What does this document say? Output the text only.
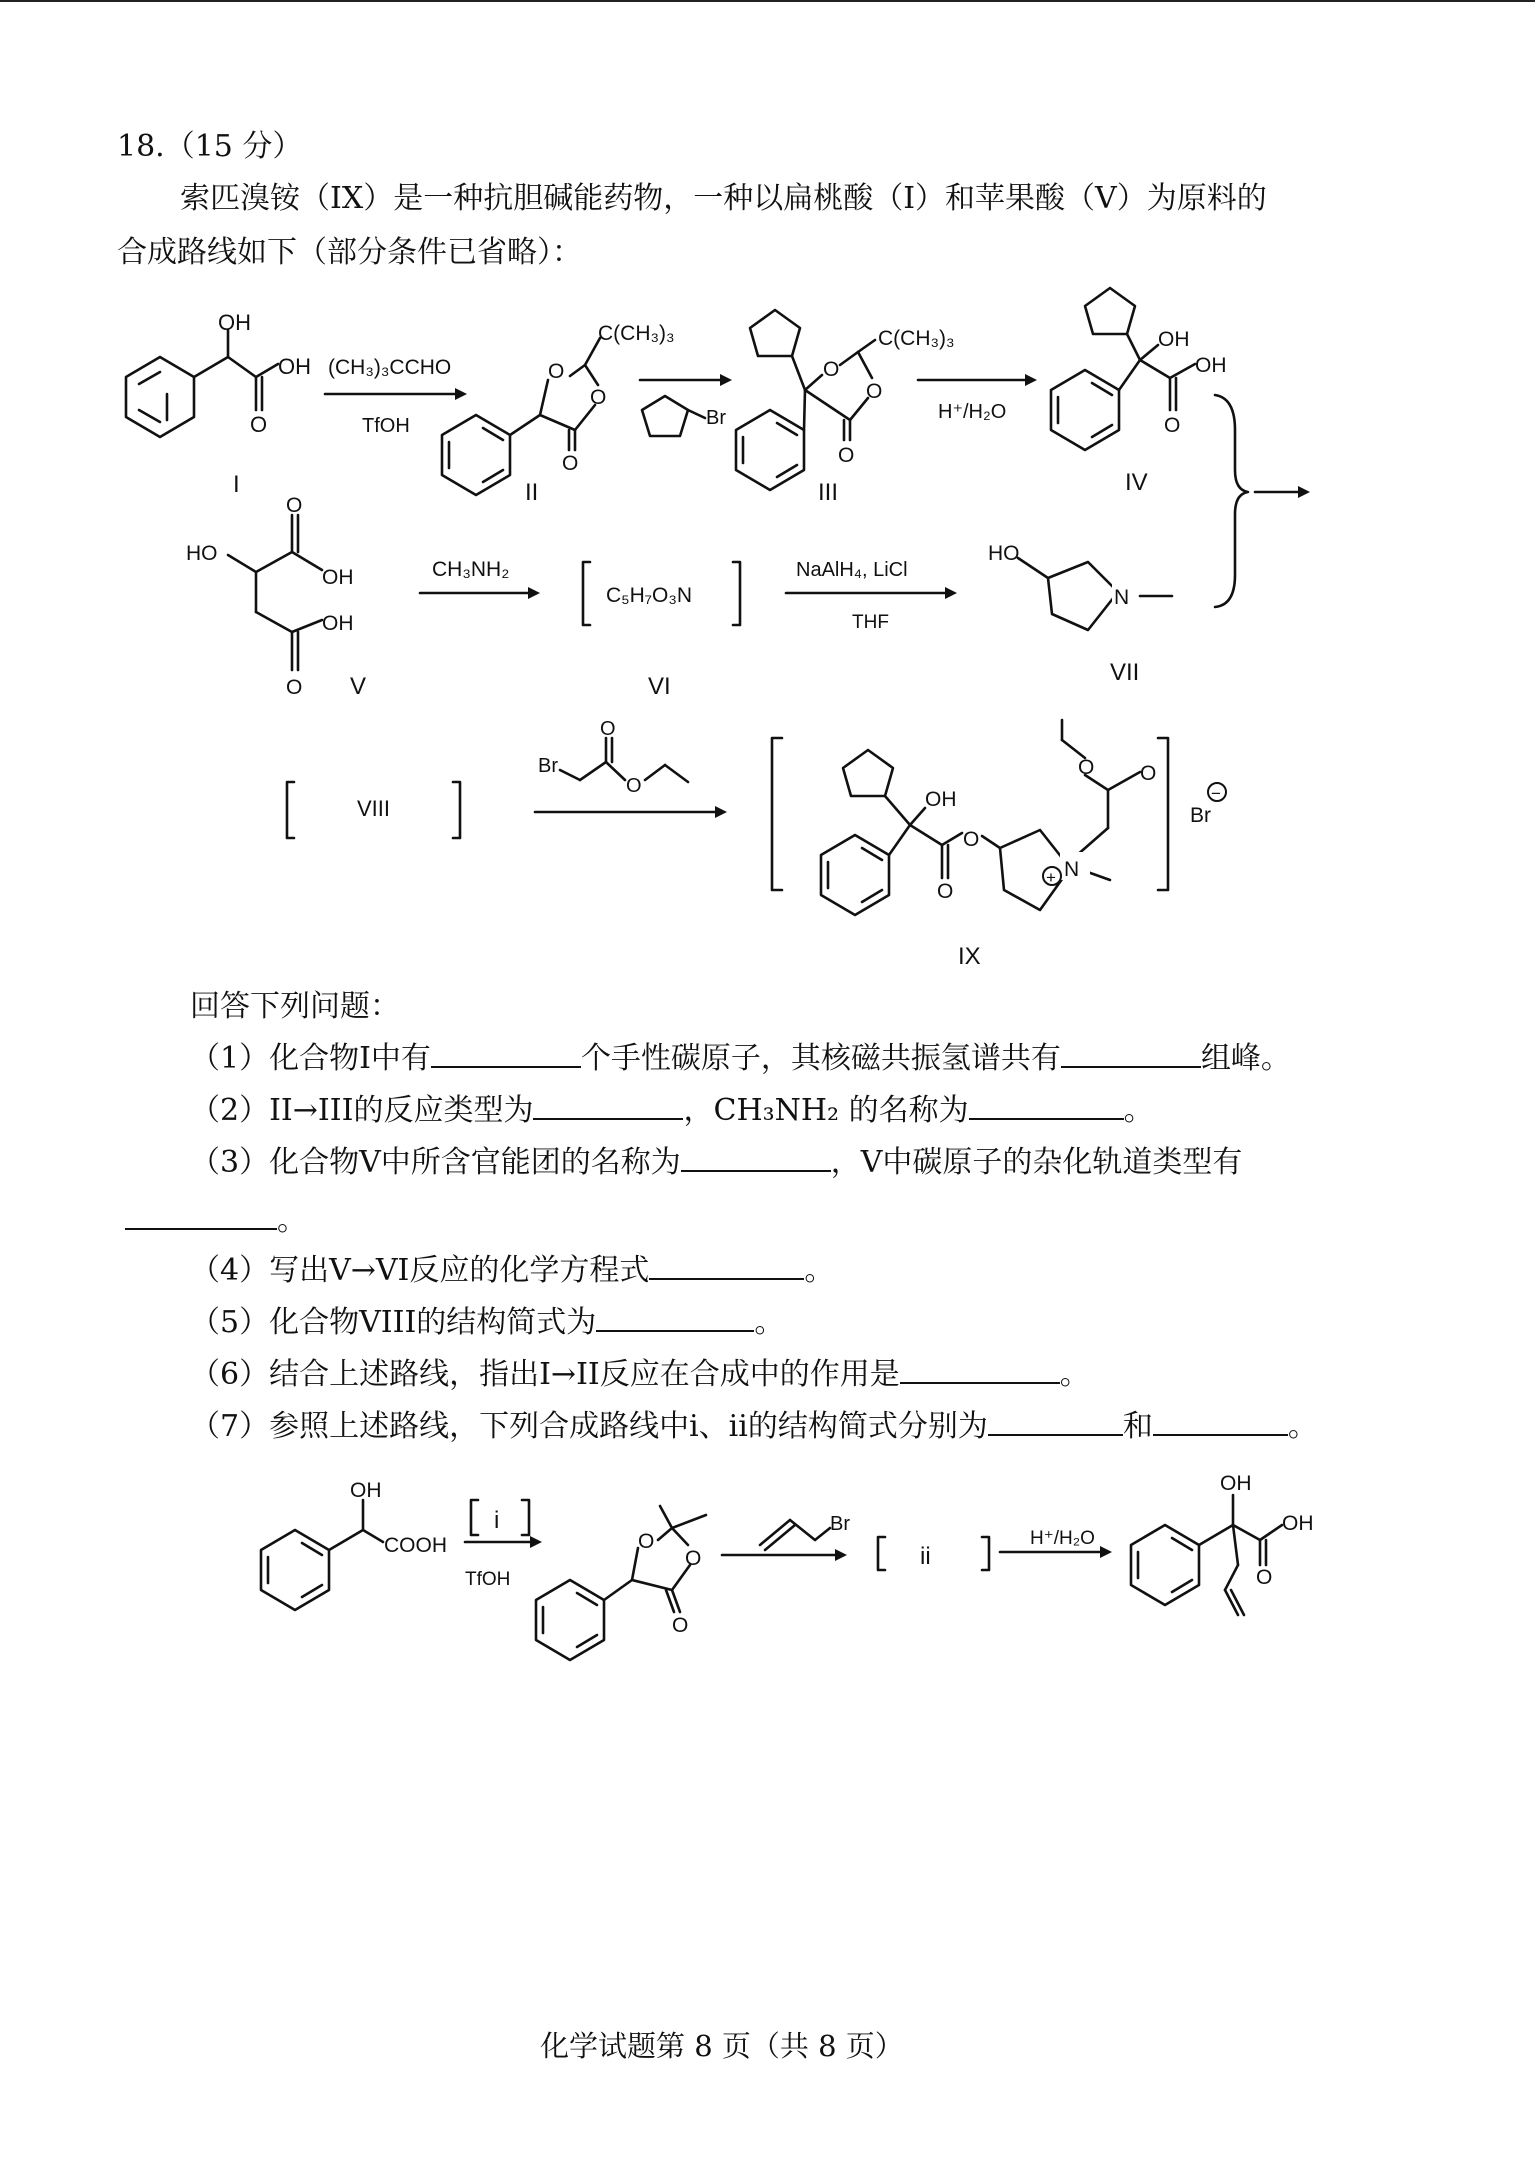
18.（15 分）
索匹溴铵（IX）是一种抗胆碱能药物，一种以扁桃酸（I）和苹果酸（V）为原料的
合成路线如下（部分条件已省略）：
OH
OH
O
I
(CH₃)₃CCHO
TfOH
O
O
O
C(CH₃)₃
II
Br
O
O
O
C(CH₃)₃
III
H⁺/H₂O
OH
OH
O
IV
HO
O
OH
OH
O V
CH₃NH₂
C₅H₇O₃N
VI
NaAlH₄, LiCl
THF
N
HO
VII
VIII
Br
O
O
+ N
OH
O
O
O
O
Br
−
IX
回答下列问题：
（1）化合物I中有	个手性碳原子，其核磁共振氢谱共有	组峰。
（2）II→III的反应类型为	，CH₃NH₂ 的名称为	。
（3）化合物V中所含官能团的名称为	，V中碳原子的杂化轨道类型有
。
（4）写出V→VI反应的化学方程式	。
（5）化合物VIII的结构简式为	。
（6）结合上述路线，指出I→II反应在合成中的作用是	。
（7）参照上述路线，下列合成路线中i、ii的结构简式分别为	和	。
OH
COOH
i
TfOH
O
O
O
Br
ii
H⁺/H₂O
OH
OH
O
化学试题第 8 页（共 8 页）
